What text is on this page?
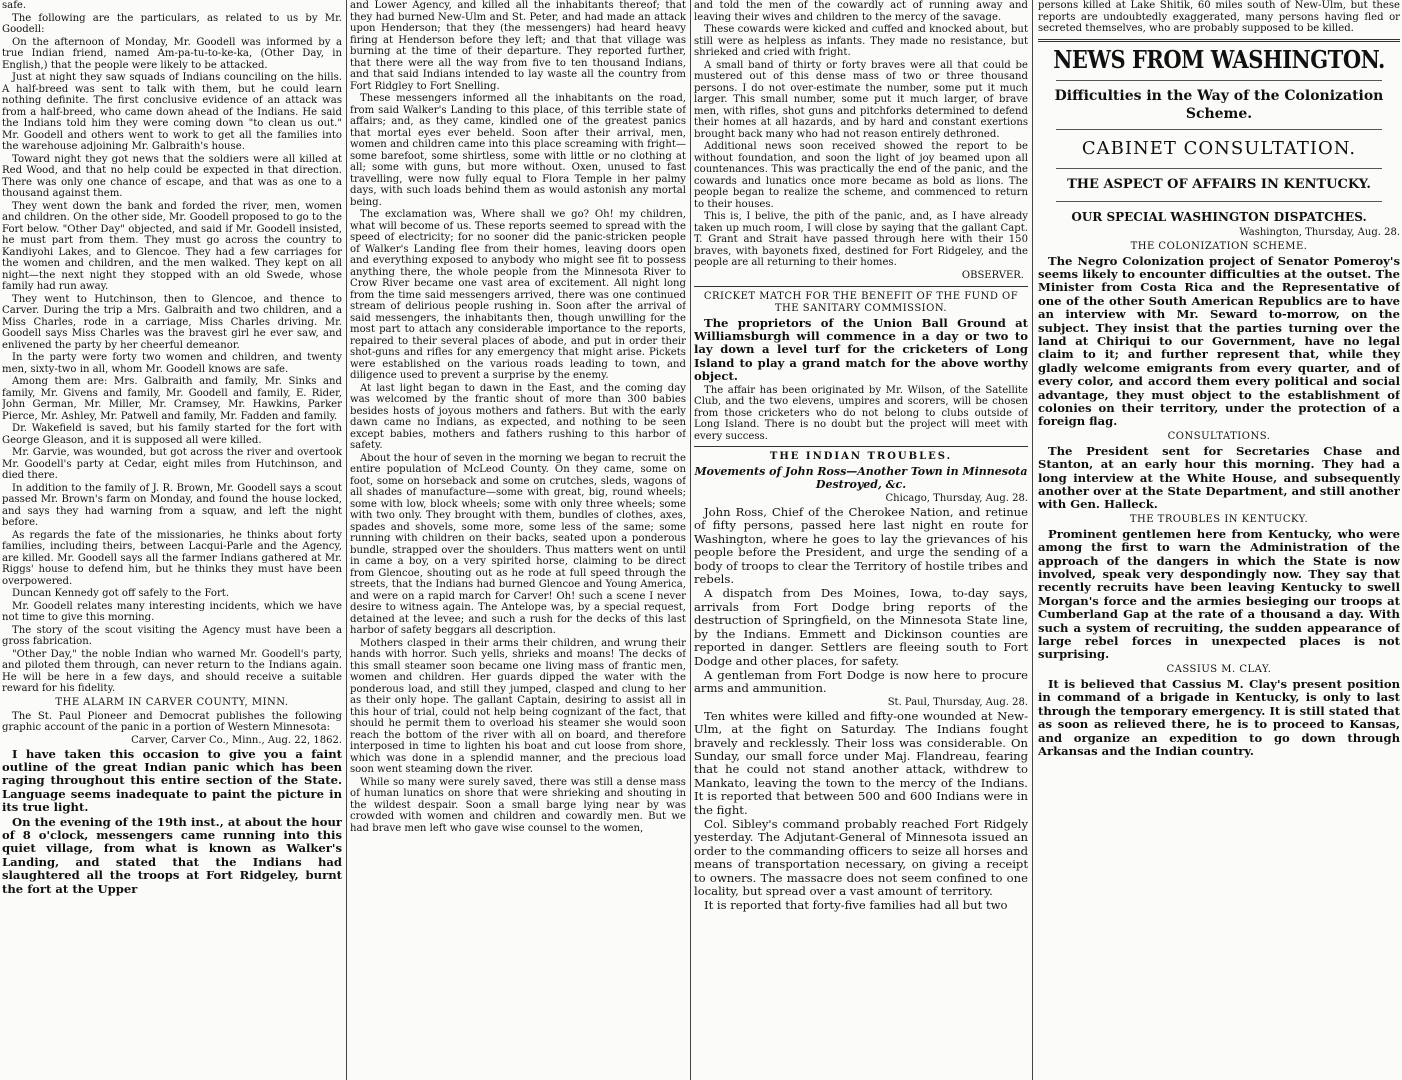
safe.

The following are the particulars, as related to us by Mr. Goodell:

On the afternoon of Monday, Mr. Goodell was informed by a true Indian friend, named Am-pa-tu-to-ke-ka, (Other Day, in English,) that the people were likely to be attacked.

Just at night they saw squads of Indians counciling on the hills. A half-breed was sent to talk with them, but he could learn nothing definite. The first conclusive evidence of an attack was from a half-breed, who came down ahead of the Indians. He said the Indians told him they were coming down "to clean us out." Mr. Goodell and others went to work to get all the families into the warehouse adjoining Mr. Galbraith's house.

Toward night they got news that the soldiers were all killed at Red Wood, and that no help could be expected in that direction. There was only one chance of escape, and that was as one to a thousand against them.

They went down the bank and forded the river, men, women and children. On the other side, Mr. Goodell proposed to go to the Fort below. "Other Day" objected, and said if Mr. Goodell insisted, he must part from them. They must go across the country to Kandiyohi Lakes, and to Glencoe. They had a few carriages for the women and children, and the men walked. They kept on all night—the next night they stopped with an old Swede, whose family had run away.

They went to Hutchinson, then to Glencoe, and thence to Carver. During the trip a Mrs. Galbraith and two children, and a Miss Charles, rode in a carriage, Miss Charles driving. Mr. Goodell says Miss Charles was the bravest girl he ever saw, and enlivened the party by her cheerful demeanor.

In the party were forty two women and children, and twenty men, sixty-two in all, whom Mr. Goodell knows are safe.

Among them are: Mrs. Galbraith and family, Mr. Sinks and family, Mr. Givens and family, Mr. Goodell and family, E. Rider, John German, Mr. Miller, Mr. Cramsey, Mr. Hawkins, Parker Pierce, Mr. Ashley, Mr. Patwell and family, Mr. Fadden and family.

Dr. Wakefield is saved, but his family started for the fort with George Gleason, and it is supposed all were killed.

Mr. Garvie, was wounded, but got across the river and overtook Mr. Goodell's party at Cedar, eight miles from Hutchinson, and died there.

In addition to the family of J. R. Brown, Mr. Goodell says a scout passed Mr. Brown's farm on Monday, and found the house locked, and says they had warning from a squaw, and left the night before.

As regards the fate of the missionaries, he thinks about forty families, including theirs, between Lacqui-Parle and the Agency, are killed. Mr. Goodell says all the farmer Indians gathered at Mr. Riggs' house to defend him, but he thinks they must have been overpowered.

Duncan Kennedy got off safely to the Fort.

Mr. Goodell relates many interesting incidents, which we have not time to give this morning.

The story of the scout visiting the Agency must have been a gross fabrication.

"Other Day," the noble Indian who warned Mr. Goodell's party, and piloted them through, can never return to the Indians again. He will be here in a few days, and should receive a suitable reward for his fidelity.

THE ALARM IN CARVER COUNTY, MINN.

The St. Paul Pioneer and Democrat publishes the following graphic account of the panic in a portion of Western Minnesota:

Carver, Carver Co., Minn., Aug. 22, 1862.

I have taken this occasion to give you a faint outline of the great Indian panic which has been raging throughout this entire section of the State. Language seems inadequate to paint the picture in its true light.

On the evening of the 19th inst., at about the hour of 8 o'clock, messengers came running into this quiet village, from what is known as Walker's Landing, and stated that the Indians had slaughtered all the troops at Fort Ridgeley, burnt the fort at the Upper

and Lower Agency, and killed all the inhabitants thereof; that they had burned New-Ulm and St. Peter, and had made an attack upon Henderson; that they (the messengers) had heard heavy firing at Henderson before they left; and that that village was burning at the time of their departure. They reported further, that there were all the way from five to ten thousand Indians, and that said Indians intended to lay waste all the country from Fort Ridgley to Fort Snelling.

These messengers informed all the inhabitants on the road, from said Walker's Landing to this place, of this terrible state of affairs; and, as they came, kindled one of the greatest panics that mortal eyes ever beheld. Soon after their arrival, men, women and children came into this place screaming with fright—some barefoot, some shirtless, some with little or no clothing at all; some with guns, but more without. Oxen, unused to fast travelling, were now fully equal to Flora Temple in her palmy days, with such loads behind them as would astonish any mortal being.

The exclamation was, Where shall we go? Oh! my children, what will become of us. These reports seemed to spread with the speed of electricity; for no sooner did the panic-stricken people of Walker's Landing flee from their homes, leaving doors open and everything exposed to anybody who might see fit to possess anything there, the whole people from the Minnesota River to Crow River became one vast area of excitement. All night long from the time said messengers arrived, there was one continued stream of delirious people rushing in. Soon after the arrival of said messengers, the inhabitants then, though unwilling for the most part to attach any considerable importance to the reports, repaired to their several places of abode, and put in order their shot-guns and rifles for any emergency that might arise. Pickets were established on the various roads leading to town, and diligence used to prevent a surprise by the enemy.

At last light began to dawn in the East, and the coming day was welcomed by the frantic shout of more than 300 babies besides hosts of joyous mothers and fathers. But with the early dawn came no Indians, as expected, and nothing to be seen except babies, mothers and fathers rushing to this harbor of safety.

About the hour of seven in the morning we began to recruit the entire population of McLeod County. On they came, some on foot, some on horseback and some on crutches, sleds, wagons of all shades of manufacture—some with great, big, round wheels; some with low, block wheels; some with only three wheels; some with two only. They brought with them, bundles of clothes, axes, spades and shovels, some more, some less of the same; some running with children on their backs, seated upon a ponderous bundle, strapped over the shoulders. Thus matters went on until in came a boy, on a very spirited horse, claiming to be direct from Glencoe, shouting out as he rode at full speed through the streets, that the Indians had burned Glencoe and Young America, and were on a rapid march for Carver! Oh! such a scene I never desire to witness again. The Antelope was, by a special request, detained at the levee; and such a rush for the decks of this last harbor of safety beggars all description.

Mothers clasped in their arms their children, and wrung their hands with horror. Such yells, shrieks and moans! The decks of this small steamer soon became one living mass of frantic men, women and children. Her guards dipped the water with the ponderous load, and still they jumped, clasped and clung to her as their only hope. The gallant Captain, desiring to assist all in this hour of trial, could not help being cognizant of the fact, that should he permit them to overload his steamer she would soon reach the bottom of the river with all on board, and therefore interposed in time to lighten his boat and cut loose from shore, which was done in a splendid manner, and the precious load soon went steaming down the river.

While so many were surely saved, there was still a dense mass of human lunatics on shore that were shrieking and shouting in the wildest despair. Soon a small barge lying near by was crowded with women and children and cowardly men. But we had brave men left who gave wise counsel to the women,

and told the men of the cowardly act of running away and leaving their wives and children to the mercy of the savage.

These cowards were kicked and cuffed and knocked about, but still were as helpless as infants. They made no resistance, but shrieked and cried with fright.

A small band of thirty or forty braves were all that could be mustered out of this dense mass of two or three thousand persons. I do not over-estimate the number, some put it much larger. This small number, some put it much larger, of brave men, with rifles, shot guns and pitchforks determined to defend their homes at all hazards, and by hard and constant exertions brought back many who had not reason entirely dethroned.

Additional news soon received showed the report to be without foundation, and soon the light of joy beamed upon all countenances. This was practically the end of the panic, and the cowards and lunatics once more became as bold as lions. The people began to realize the scheme, and commenced to return to their houses.

This is, I belive, the pith of the panic, and, as I have already taken up much room, I will close by saying that the gallant Capt. T. Grant and Strait have passed through here with their 150 braves, with bayonets fixed, destined for Fort Ridgeley, and the people are all returning to their homes.

OBSERVER.

CRICKET MATCH FOR THE BENEFIT OF THE FUND OF THE SANITARY COMMISSION.

The proprietors of the Union Ball Ground at Williamsburgh will commence in a day or two to lay down a level turf for the cricketers of Long Island to play a grand match for the above worthy object.

The affair has been originated by Mr. Wilson, of the Satellite Club, and the two elevens, umpires and scorers, will be chosen from those cricketers who do not belong to clubs outside of Long Island. There is no doubt but the project will meet with every success.

THE INDIAN TROUBLES.

Movements of John Ross—Another Town in Minnesota Destroyed, &c.

Chicago, Thursday, Aug. 28.

John Ross, Chief of the Cherokee Nation, and retinue of fifty persons, passed here last night en route for Washington, where he goes to lay the grievances of his people before the President, and urge the sending of a body of troops to clear the Territory of hostile tribes and rebels.

A dispatch from Des Moines, Iowa, to-day says, arrivals from Fort Dodge bring reports of the destruction of Springfield, on the Minnesota State line, by the Indians. Emmett and Dickinson counties are reported in danger. Settlers are fleeing south to Fort Dodge and other places, for safety.

A gentleman from Fort Dodge is now here to procure arms and ammunition.

St. Paul, Thursday, Aug. 28.

Ten whites were killed and fifty-one wounded at New-Ulm, at the fight on Saturday. The Indians fought bravely and recklessly. Their loss was considerable. On Sunday, our small force under Maj. Flandreau, fearing that he could not stand another attack, withdrew to Mankato, leaving the town to the mercy of the Indians. It is reported that between 500 and 600 Indians were in the fight.

Col. Sibley's command probably reached Fort Ridgely yesterday. The Adjutant-General of Minnesota issued an order to the commanding officers to seize all horses and means of transportation necessary, on giving a receipt to owners. The massacre does not seem confined to one locality, but spread over a vast amount of territory.

It is reported that forty-five families had all but two

persons killed at Lake Shitik, 60 miles south of New-Ulm, but these reports are undoubtedly exaggerated, many persons having fled or secreted themselves, who are probably supposed to be killed.

NEWS FROM WASHINGTON.

Difficulties in the Way of the Colonization Scheme.

CABINET CONSULTATION.

THE ASPECT OF AFFAIRS IN KENTUCKY.

OUR SPECIAL WASHINGTON DISPATCHES.

Washington, Thursday, Aug. 28.

THE COLONIZATION SCHEME.

The Negro Colonization project of Senator Pomeroy's seems likely to encounter difficulties at the outset. The Minister from Costa Rica and the Representative of one of the other South American Republics are to have an interview with Mr. Seward to-morrow, on the subject. They insist that the parties turning over the land at Chiriqui to our Government, have no legal claim to it; and further represent that, while they gladly welcome emigrants from every quarter, and of every color, and accord them every political and social advantage, they must object to the establishment of colonies on their territory, under the protection of a foreign flag.

CONSULTATIONS.

The President sent for Secretaries Chase and Stanton, at an early hour this morning. They had a long interview at the White House, and subsequently another over at the State Department, and still another with Gen. Halleck.

THE TROUBLES IN KENTUCKY.

Prominent gentlemen here from Kentucky, who were among the first to warn the Administration of the approach of the dangers in which the State is now involved, speak very despondingly now. They say that recently recruits have been leaving Kentucky to swell Morgan's force and the armies besieging our troops at Cumberland Gap at the rate of a thousand a day. With such a system of recruiting, the sudden appearance of large rebel forces in unexpected places is not surprising.

CASSIUS M. CLAY.

It is believed that Cassius M. Clay's present position in command of a brigade in Kentucky, is only to last through the temporary emergency. It is still stated that as soon as relieved there, he is to proceed to Kansas, and organize an expedition to go down through Arkansas and the Indian country.
